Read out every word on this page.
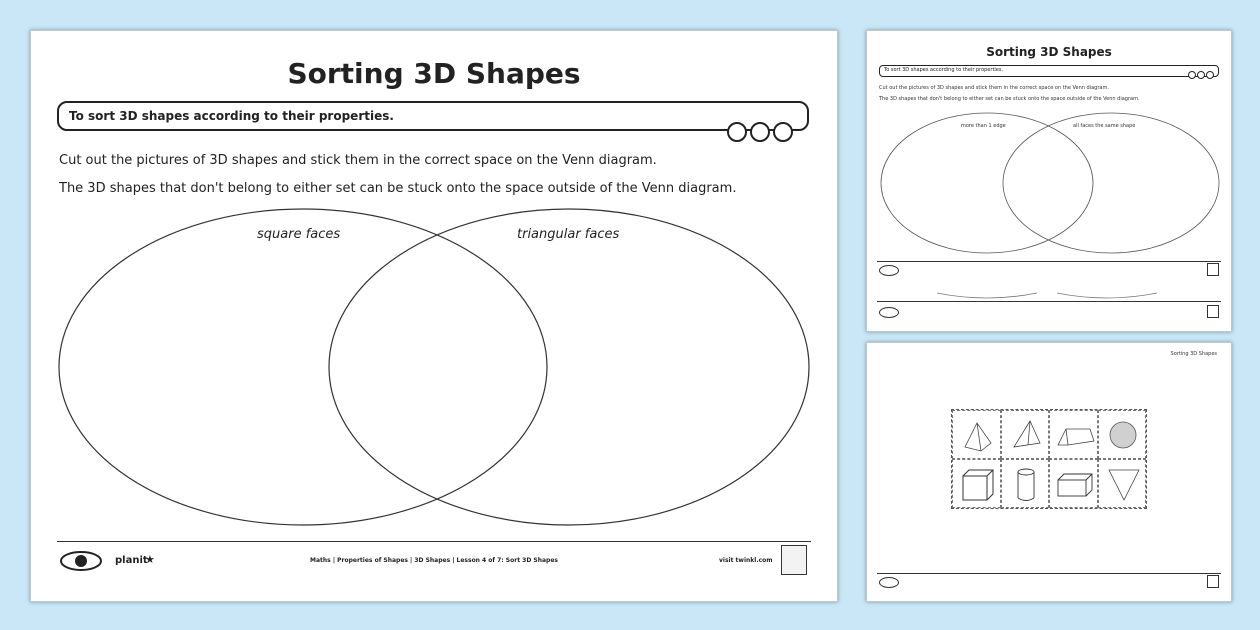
Sorting 3D Shapes
To sort 3D shapes according to their properties.
Cut out the pictures of 3D shapes and stick them in the correct space on the Venn diagram.
The 3D shapes that don't belong to either set can be stuck onto the space outside of the Venn diagram.
square faces	triangular faces
planit
★	Maths | Properties of Shapes | 3D Shapes | Lesson 4 of 7: Sort 3D Shapes	visit twinkl.com
Sorting 3D Shapes
To sort 3D shapes according to their properties.
Cut out the pictures of 3D shapes and stick them in the correct space on the Venn diagram.
The 3D shapes that don't belong to either set can be stuck onto the space outside of the Venn diagram.
more than 1 edge	all faces the same shape
Sorting 3D Shapes
